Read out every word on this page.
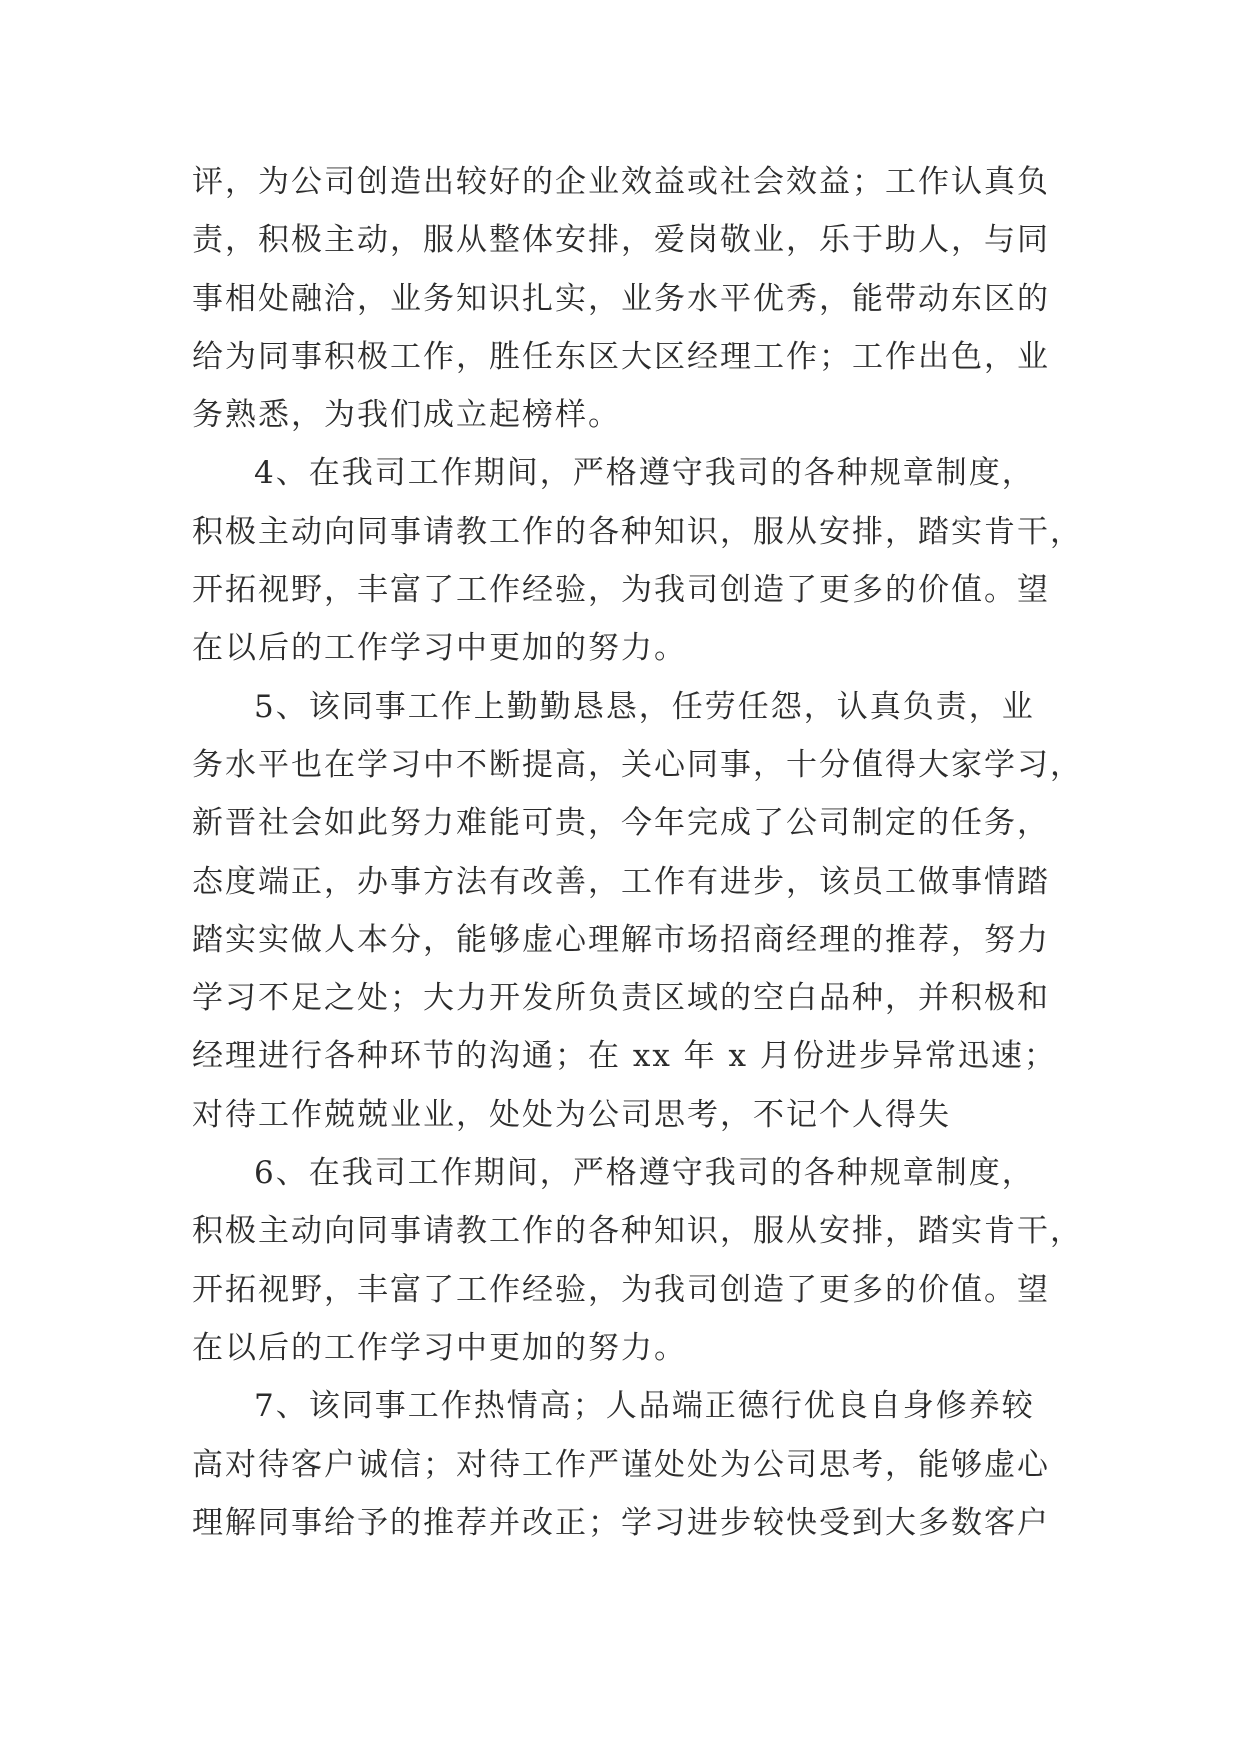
评，为公司创造出较好的企业效益或社会效益；工作认真负
责，积极主动，服从整体安排，爱岗敬业，乐于助人，与同
事相处融洽，业务知识扎实，业务水平优秀，能带动东区的
给为同事积极工作，胜任东区大区经理工作；工作出色，业
务熟悉，为我们成立起榜样。
4、在我司工作期间，严格遵守我司的各种规章制度，
积极主动向同事请教工作的各种知识，服从安排，踏实肯干，
开拓视野，丰富了工作经验，为我司创造了更多的价值。望
在以后的工作学习中更加的努力。
5、该同事工作上勤勤恳恳，任劳任怨，认真负责，业
务水平也在学习中不断提高，关心同事，十分值得大家学习，
新晋社会如此努力难能可贵，今年完成了公司制定的任务，
态度端正，办事方法有改善，工作有进步，该员工做事情踏
踏实实做人本分，能够虚心理解市场招商经理的推荐，努力
学习不足之处；大力开发所负责区域的空白品种，并积极和
经理进行各种环节的沟通；在 xx 年 x 月份进步异常迅速；
对待工作兢兢业业，处处为公司思考，不记个人得失
6、在我司工作期间，严格遵守我司的各种规章制度，
积极主动向同事请教工作的各种知识，服从安排，踏实肯干，
开拓视野，丰富了工作经验，为我司创造了更多的价值。望
在以后的工作学习中更加的努力。
7、该同事工作热情高；人品端正德行优良自身修养较
高对待客户诚信；对待工作严谨处处为公司思考，能够虚心
理解同事给予的推荐并改正；学习进步较快受到大多数客户
